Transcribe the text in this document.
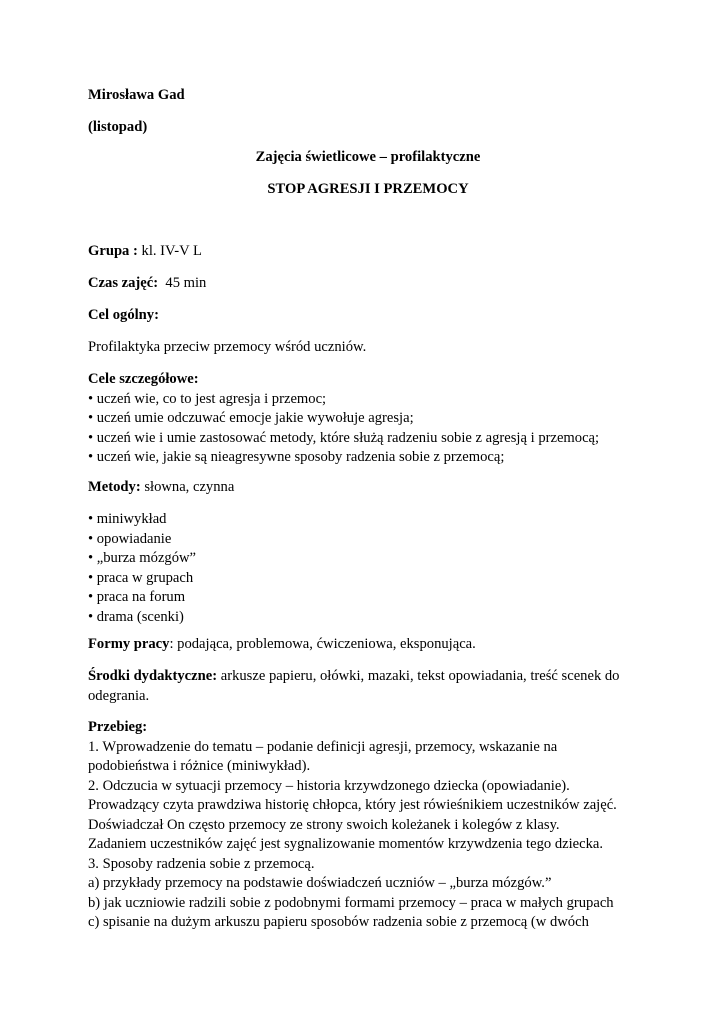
Mirosława Gad

(listopad)

Zajęcia świetlicowe – profilaktyczne

STOP AGRESJI I PRZEMOCY

Grupa : kl. IV-V L

Czas zajęć:  45 min

Cel ogólny:

Profilaktyka przeciw przemocy wśród uczniów.

Cele szczegółowe:

• uczeń wie, co to jest agresja i przemoc;

• uczeń umie odczuwać emocje jakie wywołuje agresja;

• uczeń wie i umie zastosować metody, które służą radzeniu sobie z agresją i przemocą;

• uczeń wie, jakie są nieagresywne sposoby radzenia sobie z przemocą;

Metody: słowna, czynna

• miniwykład

• opowiadanie

• „burza mózgów”

• praca w grupach

• praca na forum

• drama (scenki)

Formy pracy: podająca, problemowa, ćwiczeniowa, eksponująca.

Środki dydaktyczne: arkusze papieru, ołówki, mazaki, tekst opowiadania, treść scenek do

odegrania.

Przebieg:

1. Wprowadzenie do tematu – podanie definicji agresji, przemocy, wskazanie na

podobieństwa i różnice (miniwykład).

2. Odczucia w sytuacji przemocy – historia krzywdzonego dziecka (opowiadanie).

Prowadzący czyta prawdziwa historię chłopca, który jest rówieśnikiem uczestników zajęć.

Doświadczał On często przemocy ze strony swoich koleżanek i kolegów z klasy.

Zadaniem uczestników zajęć jest sygnalizowanie momentów krzywdzenia tego dziecka.

3. Sposoby radzenia sobie z przemocą.

a) przykłady przemocy na podstawie doświadczeń uczniów – „burza mózgów.”

b) jak uczniowie radzili sobie z podobnymi formami przemocy – praca w małych grupach

c) spisanie na dużym arkuszu papieru sposobów radzenia sobie z przemocą (w dwóch
